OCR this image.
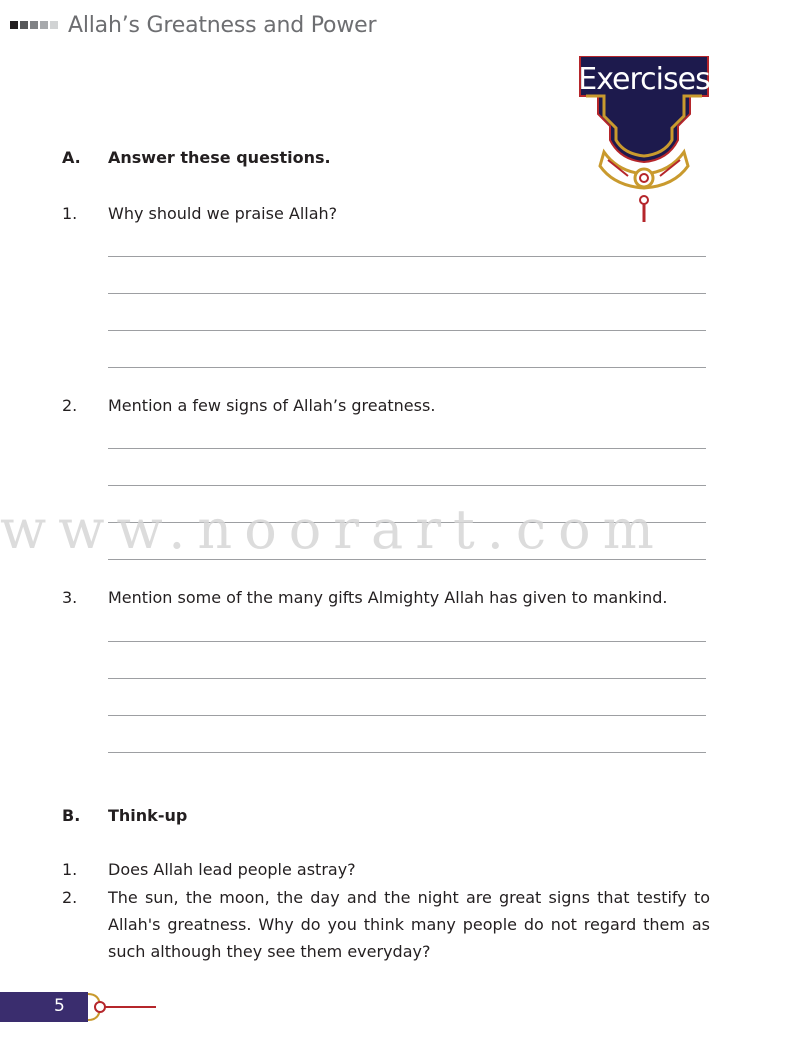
Allah’s Greatness and Power
Exercises
A. Answer these questions.
1. Why should we praise Allah?
2. Mention a few signs of Allah’s greatness.
3. Mention some of the many gifts Almighty Allah has given to mankind.
www.noorart.com
B. Think-up
1. Does Allah lead people astray?
2. The sun, the moon, the day and the night are great signs that testify to Allah's greatness. Why do you think many people do not regard them as such although they see them everyday?
5
